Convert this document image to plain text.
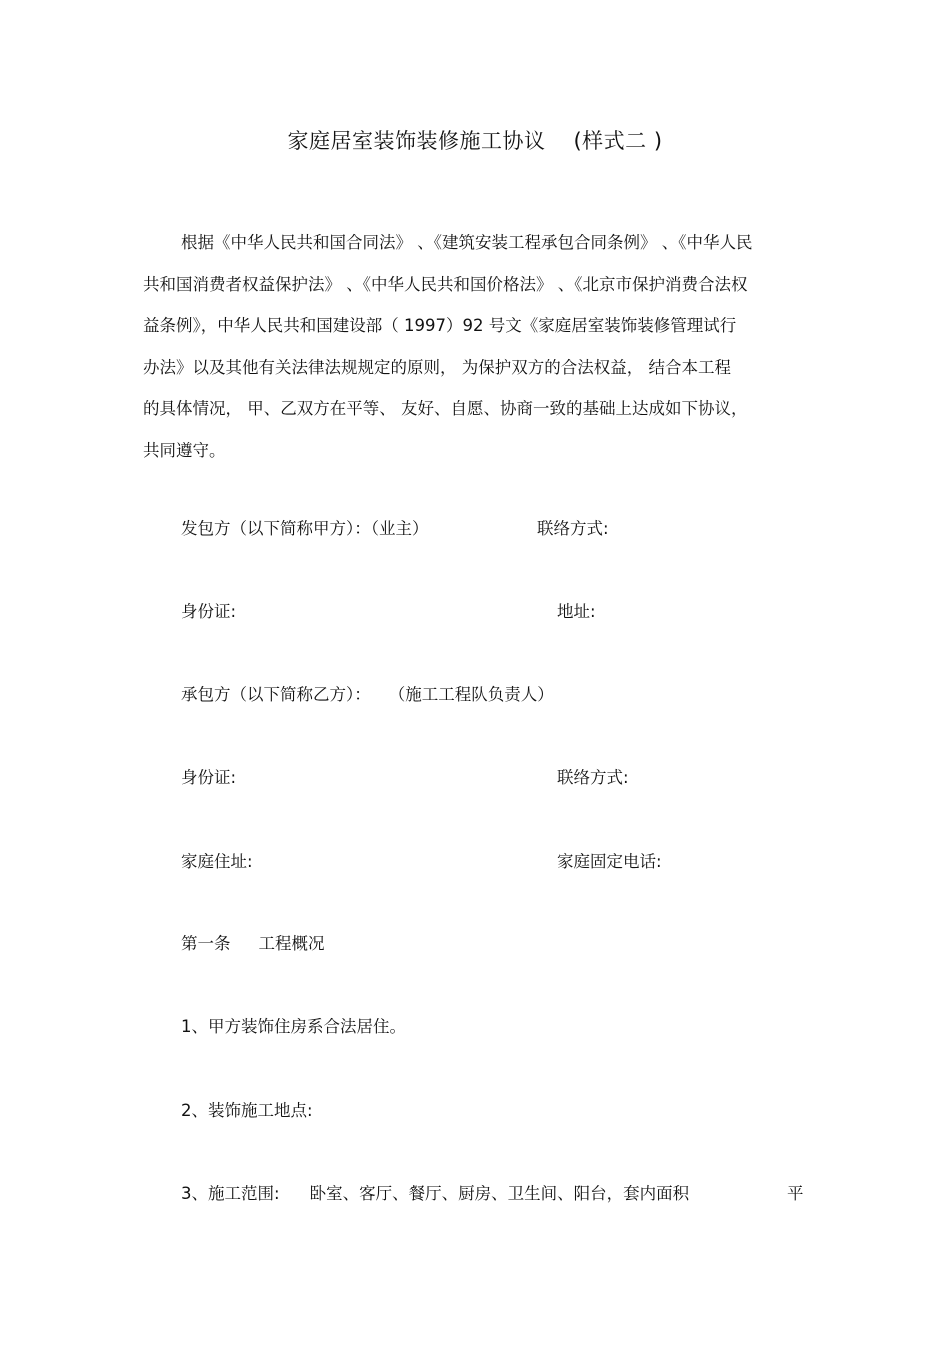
家庭居室装饰装修施工协议 (样式二 )
根据《中华人民共和国合同法》 、《建筑安装工程承包合同条例》 、《中华人民
共和国消费者权益保护法》 、《中华人民共和国价格法》 、《北京市保护消费合法权
益条例》，中华人民共和国建设部（ 1997）92 号文《家庭居室装饰装修管理试行
办法》以及其他有关法律法规规定的原则， 为保护双方的合法权益， 结合本工程
的具体情况， 甲、乙双方在平等、 友好、自愿、协商一致的基础上达成如下协议，
共同遵守。
发包方（以下简称甲方）：（业主）	联络方式:
身份证:	地址:
承包方（以下简称乙方）： （施工工程队负责人）
身份证:	联络方式:
家庭住址:	家庭固定电话:
第一条 工程概况
1、甲方装饰住房系合法居住。
2、装饰施工地点:
3、施工范围: 卧室、客厅、餐厅、厨房、卫生间、阳台，套内面积	平
